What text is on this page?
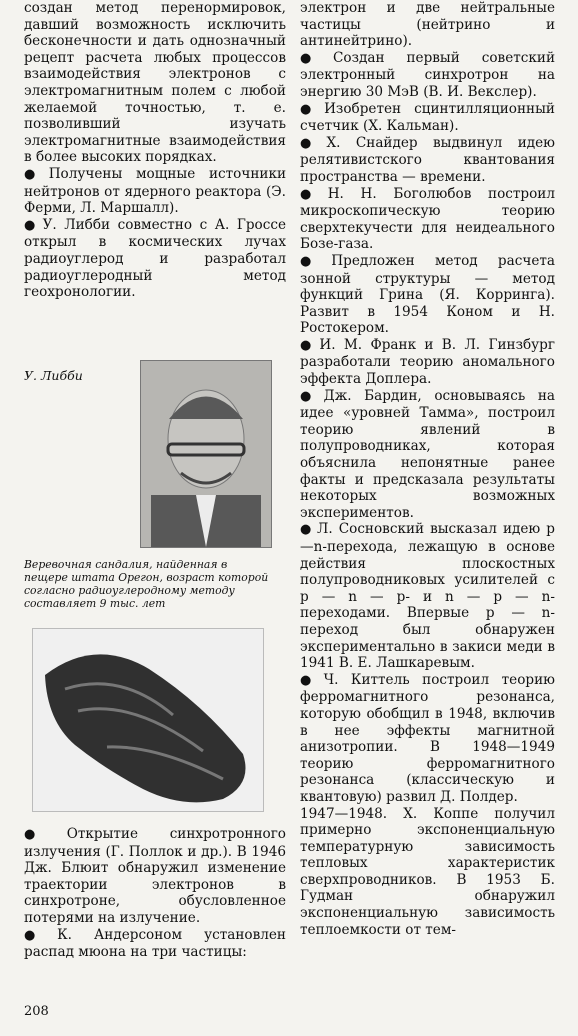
создан метод перенормировок, давший возможность исключить бесконечности и дать однозначный рецепт расчета любых процессов взаимодействия электронов с электромагнитным полем с любой желаемой точностью, т. е. позволивший изучать электромагнитные взаимодействия в более высоких порядках.

● Получены мощные источники нейтронов от ядерного реактора (Э. Ферми, Л. Маршалл).

● У. Либби совместно с А. Гроссе открыл в космических лучах радиоуглерод и разработал радиоуглеродный метод геохронологии.

У. Либби
Веревочная сандалия, найденная в пещере штата Орегон, возраст которой согласно радиоуглеродному методу составляет 9 тыс. лет

● Открытие синхротронного излучения (Г. Поллок и др.). В 1946 Дж. Блюит обнаружил изменение траектории электронов в синхротроне, обусловленное потерями на излучение.

● К. Андерсоном установлен распад мюона на три частицы:

электрон и две нейтральные частицы (нейтрино и антинейтрино).

● Создан первый советский электронный синхротрон на энергию 30 МэВ (В. И. Векслер).

● Изобретен сцинтилляционный счетчик (Х. Кальман).

● Х. Снайдер выдвинул идею релятивистского квантования пространства — времени.

● Н. Н. Боголюбов построил микроскопическую теорию сверхтекучести для неидеального Бозе-газа.

● Предложен метод расчета зонной структуры — метод функций Грина (Я. Корринга). Развит в 1954 Коном и Н. Ростокером.

● И. М. Франк и В. Л. Гинзбург разработали теорию аномального эффекта Доплера.

● Дж. Бардин, основываясь на идее «уровней Тамма», построил теорию явлений в полупроводниках, которая объяснила непонятные ранее факты и предсказала результаты некоторых возможных экспериментов.

● Л. Сосновский высказал идею p—n-перехода, лежащую в основе действия плоскостных полупроводниковых усилителей с p — n — p- и n — p — n-переходами. Впервые p — n-переход был обнаружен экспериментально в закиси меди в 1941 В. Е. Лашкаревым.

● Ч. Киттель построил теорию ферромагнитного резонанса, которую обобщил в 1948, включив в нее эффекты магнитной анизотропии. В 1948—1949 теорию ферромагнитного резонанса (классическую и квантовую) развил Д. Полдер.

1947—1948. Х. Коппе получил примерно экспоненциальную температурную зависимость тепловых характеристик сверхпроводников. В 1953 Б. Гудман обнаружил экспоненциальную зависимость теплоемкости от тем-

208
